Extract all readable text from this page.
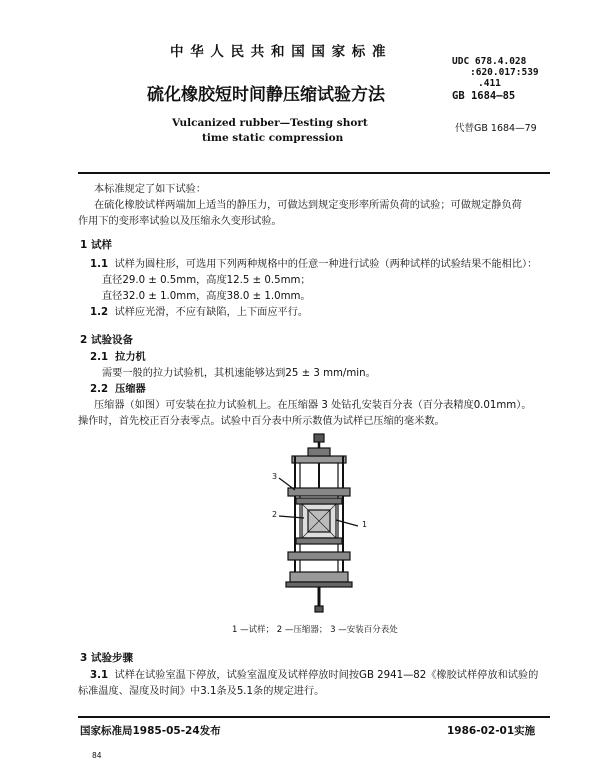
中 华 人 民 共 和 国 国 家 标 准
UDC 678.4.028
:620.017:539
.411
硫化橡胶短时间静压缩试验方法	GB 1684—85
Vulcanized rubber—Testing short
time static compression
代替GB 1684—79
本标准规定了如下试验：
在硫化橡胶试样两端加上适当的静压力，可做达到规定变形率所需负荷的试验；可做规定静负荷
作用下的变形率试验以及压缩永久变形试验。
1 试样
1.1 试样为圆柱形，可选用下列两种规格中的任意一种进行试验（两种试样的试验结果不能相比）：
直径29.0 ± 0.5mm，高度12.5 ± 0.5mm；
直径32.0 ± 1.0mm，高度38.0 ± 1.0mm。
1.2 试样应光滑，不应有缺陷，上下面应平行。
2 试验设备
2.1 拉力机
需要一般的拉力试验机，其机速能够达到25 ± 3 mm/min。
2.2 压缩器
压缩器（如图）可安装在拉力试验机上。在压缩器 3 处钻孔安装百分表（百分表精度0.01mm）。
操作时，首先校正百分表零点。试验中百分表中所示数值为试样已压缩的毫米数。
3
2
1
1 —试样； 2 —压缩器； 3 —安装百分表处
3 试验步骤
3.1 试样在试验室温下停放，试验室温度及试样停放时间按GB 2941—82《橡胶试样停放和试验的
标准温度、湿度及时间》中3.1条及5.1条的规定进行。
国家标准局1985-05-24发布	1986-02-01实施
84
